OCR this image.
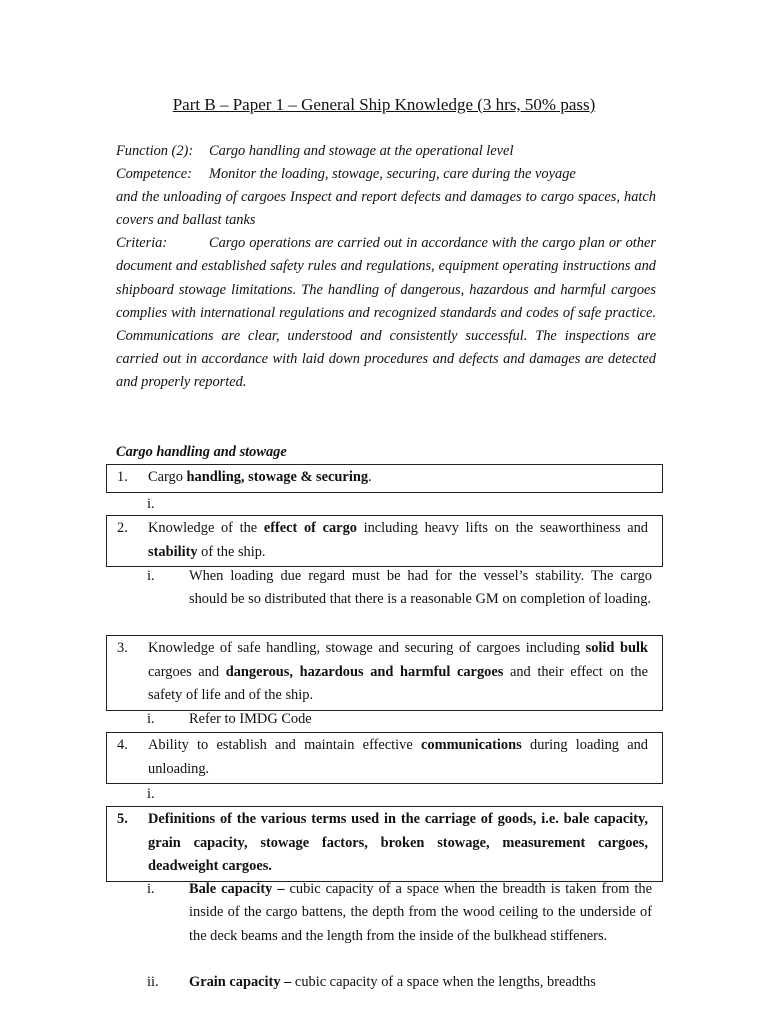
Part B – Paper 1 – General Ship Knowledge (3 hrs, 50% pass)

Function (2): Cargo handling and stowage at the operational level

Competence: Monitor the loading, stowage, securing, care during the voyage

and the unloading of cargoes Inspect and report defects and damages to cargo spaces, hatch covers and ballast tanks

Criteria:	Cargo operations are carried out in accordance with the cargo plan or other document and established safety rules and regulations, equipment operating instructions and shipboard stowage limitations. The handling of dangerous, hazardous and harmful cargoes complies with international regulations and recognized standards and codes of safe practice. Communications are clear, understood and consistently successful. The inspections are carried out in accordance with laid down procedures and defects and damages are detected and properly reported.

Cargo handling and stowage
1. Cargo handling, stowage & securing.
i.
2. Knowledge of the effect of cargo including heavy lifts on the seaworthiness and stability of the ship.
i. When loading due regard must be had for the vessel’s stability. The cargo should be so distributed that there is a reasonable GM on completion of loading.
3. Knowledge of safe handling, stowage and securing of cargoes including solid bulk cargoes and dangerous, hazardous and harmful cargoes and their effect on the safety of life and of the ship.
i. Refer to IMDG Code
4. Ability to establish and maintain effective communications during loading and unloading.
i.
5. Definitions of the various terms used in the carriage of goods, i.e. bale capacity, grain capacity, stowage factors, broken stowage, measurement cargoes, deadweight cargoes.
i. Bale capacity – cubic capacity of a space when the breadth is taken from the inside of the cargo battens, the depth from the wood ceiling to the underside of the deck beams and the length from the inside of the bulkhead stiffeners.
ii. Grain capacity – cubic capacity of a space when the lengths, breadths
